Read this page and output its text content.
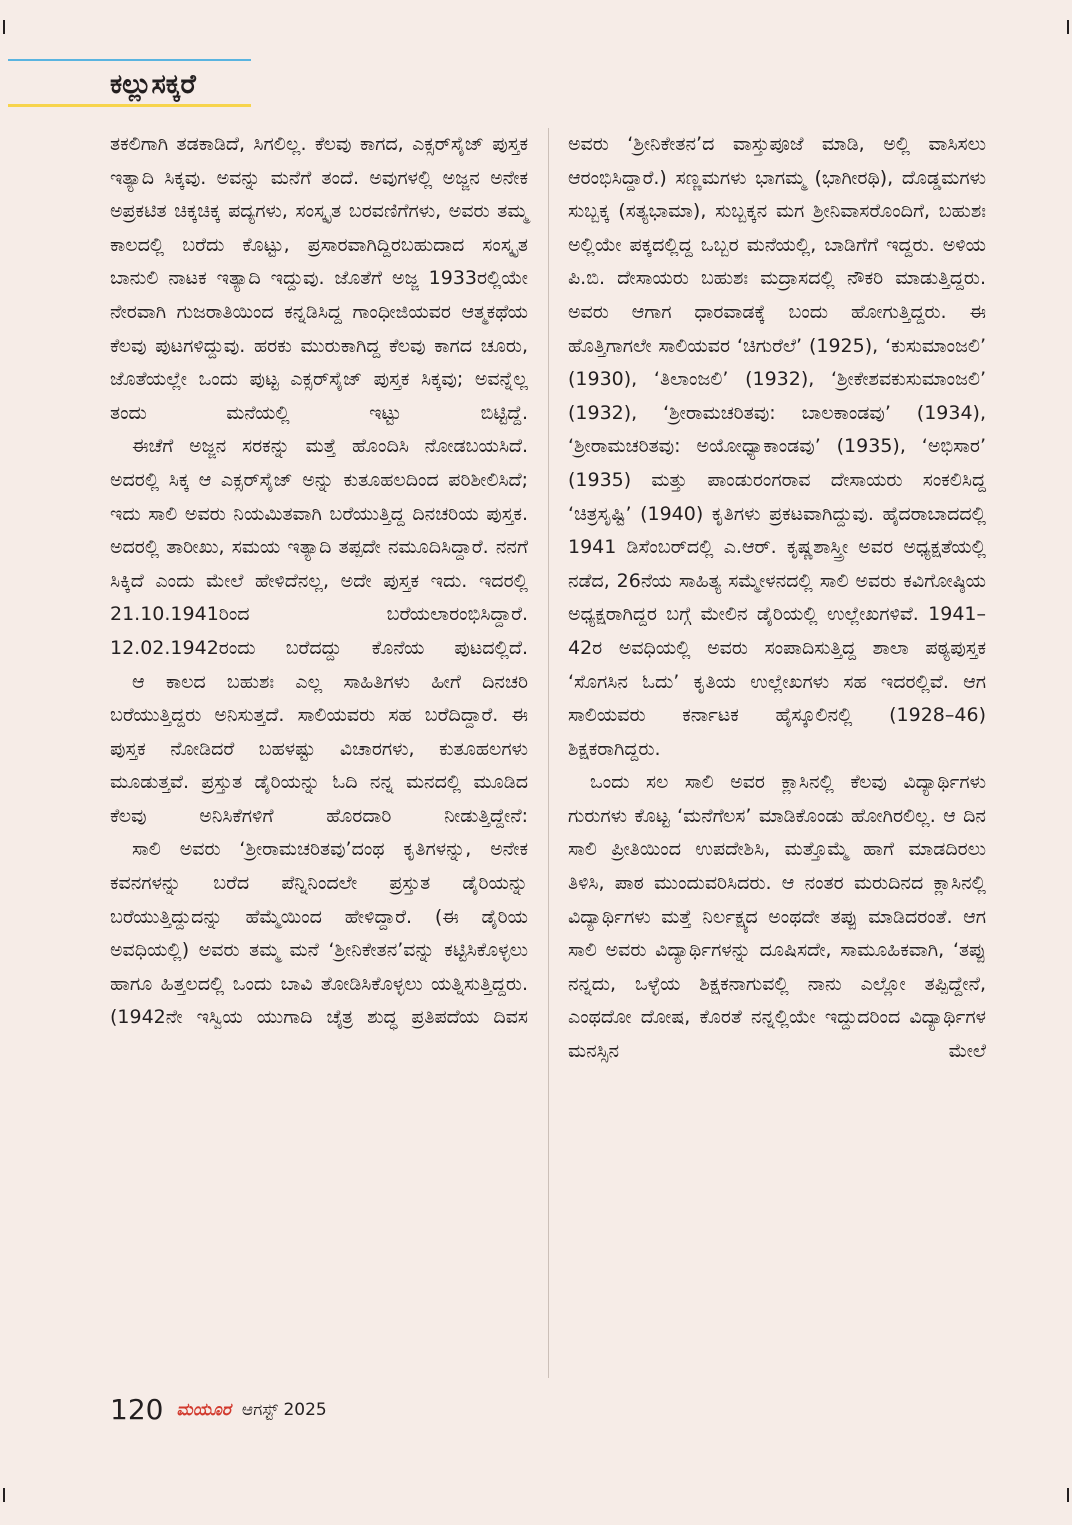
ಕಲ್ಲುಸಕ್ಕರೆ

ತಕಲಿಗಾಗಿ ತಡಕಾಡಿದೆ, ಸಿಗಲಿಲ್ಲ. ಕೆಲವು ಕಾಗದ, ಎಕ್ಸರ್‌ಸೈಜ್ ಪುಸ್ತಕ ಇತ್ಯಾದಿ ಸಿಕ್ಕವು. ಅವನ್ನು ಮನೆಗೆ ತಂದೆ. ಅವುಗಳಲ್ಲಿ ಅಜ್ಜನ ಅನೇಕ ಅಪ್ರಕಟಿತ ಚಿಕ್ಕಚಿಕ್ಕ ಪದ್ಯಗಳು, ಸಂಸ್ಕೃತ ಬರವಣಿಗೆಗಳು, ಅವರು ತಮ್ಮ ಕಾಲದಲ್ಲಿ ಬರೆದು ಕೊಟ್ಟು, ಪ್ರಸಾರವಾಗಿದ್ದಿರಬಹುದಾದ ಸಂಸ್ಕೃತ ಬಾನುಲಿ ನಾಟಕ ಇತ್ಯಾದಿ ಇದ್ದುವು. ಜೊತೆಗೆ ಅಜ್ಜ 1933ರಲ್ಲಿಯೇ ನೇರವಾಗಿ ಗುಜರಾತಿಯಿಂದ ಕನ್ನಡಿಸಿದ್ದ ಗಾಂಧೀಜಿಯವರ ಆತ್ಮಕಥೆಯ ಕೆಲವು ಪುಟಗಳಿದ್ದುವು. ಹರಕು ಮುರುಕಾಗಿದ್ದ ಕೆಲವು ಕಾಗದ ಚೂರು, ಜೊತೆಯಲ್ಲೇ ಒಂದು ಪುಟ್ಟ ಎಕ್ಸರ್‌ಸೈಜ್ ಪುಸ್ತಕ ಸಿಕ್ಕವು; ಅವನ್ನೆಲ್ಲ ತಂದು ಮನೆಯಲ್ಲಿ ಇಟ್ಟು ಬಿಟ್ಟಿದ್ದೆ.

ಈಚೆಗೆ ಅಜ್ಜನ ಸರಕನ್ನು ಮತ್ತೆ ಹೊಂದಿಸಿ ನೋಡಬಯಸಿದೆ. ಅದರಲ್ಲಿ ಸಿಕ್ಕ ಆ ಎಕ್ಸರ್‌ಸೈಜ್ ಅನ್ನು ಕುತೂಹಲದಿಂದ ಪರಿಶೀಲಿಸಿದೆ; ಇದು ಸಾಲಿ ಅವರು ನಿಯಮಿತವಾಗಿ ಬರೆಯುತ್ತಿದ್ದ ದಿನಚರಿಯ ಪುಸ್ತಕ. ಅದರಲ್ಲಿ ತಾರೀಖು, ಸಮಯ ಇತ್ಯಾದಿ ತಪ್ಪದೇ ನಮೂದಿಸಿದ್ದಾರೆ. ನನಗೆ ಸಿಕ್ಕಿದೆ ಎಂದು ಮೇಲೆ ಹೇಳಿದೆನಲ್ಲ, ಅದೇ ಪುಸ್ತಕ ಇದು. ಇದರಲ್ಲಿ 21.10.1941ರಿಂದ ಬರೆಯಲಾರಂಭಿಸಿದ್ದಾರೆ. 12.02.1942ರಂದು ಬರೆದದ್ದು ಕೊನೆಯ ಪುಟದಲ್ಲಿದೆ.

ಆ ಕಾಲದ ಬಹುಶಃ ಎಲ್ಲ ಸಾಹಿತಿಗಳು ಹೀಗೆ ದಿನಚರಿ ಬರೆಯುತ್ತಿದ್ದರು ಅನಿಸುತ್ತದೆ. ಸಾಲಿಯವರು ಸಹ ಬರೆದಿದ್ದಾರೆ. ಈ ಪುಸ್ತಕ ನೋಡಿದರೆ ಬಹಳಷ್ಟು ವಿಚಾರಗಳು, ಕುತೂಹಲಗಳು ಮೂಡುತ್ತವೆ. ಪ್ರಸ್ತುತ ಡೈರಿಯನ್ನು ಓದಿ ನನ್ನ ಮನದಲ್ಲಿ ಮೂಡಿದ ಕೆಲವು ಅನಿಸಿಕೆಗಳಿಗೆ ಹೊರದಾರಿ ನೀಡುತ್ತಿದ್ದೇನೆ:

ಸಾಲಿ ಅವರು ‘ಶ್ರೀರಾಮಚರಿತವು’ದಂಥ ಕೃತಿಗಳನ್ನು, ಅನೇಕ ಕವನಗಳನ್ನು ಬರೆದ ಪೆನ್ನಿನಿಂದಲೇ ಪ್ರಸ್ತುತ ಡೈರಿಯನ್ನು ಬರೆಯುತ್ತಿದ್ದುದನ್ನು ಹೆಮ್ಮೆಯಿಂದ ಹೇಳಿದ್ದಾರೆ. (ಈ ಡೈರಿಯ ಅವಧಿಯಲ್ಲಿ) ಅವರು ತಮ್ಮ ಮನೆ ‘ಶ್ರೀನಿಕೇತನ’ವನ್ನು ಕಟ್ಟಿಸಿಕೊಳ್ಳಲು ಹಾಗೂ ಹಿತ್ತಲದಲ್ಲಿ ಒಂದು ಬಾವಿ ತೋಡಿಸಿಕೊಳ್ಳಲು ಯತ್ನಿಸುತ್ತಿದ್ದರು. (1942ನೇ ಇಸ್ವಿಯ ಯುಗಾದಿ ಚೈತ್ರ ಶುದ್ಧ ಪ್ರತಿಪದೆಯ ದಿವಸ

ಅವರು ‘ಶ್ರೀನಿಕೇತನ’ದ ವಾಸ್ತುಪೂಜೆ ಮಾಡಿ, ಅಲ್ಲಿ ವಾಸಿಸಲು ಆರಂಭಿಸಿದ್ದಾರೆ.) ಸಣ್ಣಮಗಳು ಭಾಗಮ್ಮ (ಭಾಗೀರಥಿ), ದೊಡ್ಡಮಗಳು ಸುಬ್ಬಕ್ಕ (ಸತ್ಯಭಾಮಾ), ಸುಬ್ಬಕ್ಕನ ಮಗ ಶ್ರೀನಿವಾಸರೊಂದಿಗೆ, ಬಹುಶಃ ಅಲ್ಲಿಯೇ ಪಕ್ಕದಲ್ಲಿದ್ದ ಒಬ್ಬರ ಮನೆಯಲ್ಲಿ, ಬಾಡಿಗೆಗೆ ಇದ್ದರು. ಅಳಿಯ ಪಿ.ಬಿ. ದೇಸಾಯರು ಬಹುಶಃ ಮದ್ರಾಸದಲ್ಲಿ ನೌಕರಿ ಮಾಡುತ್ತಿದ್ದರು. ಅವರು ಆಗಾಗ ಧಾರವಾಡಕ್ಕೆ ಬಂದು ಹೋಗುತ್ತಿದ್ದರು. ಈ ಹೊತ್ತಿಗಾಗಲೇ ಸಾಲಿಯವರ ‘ಚಿಗುರೆಲೆ’ (1925), ‘ಕುಸುಮಾಂಜಲಿ’ (1930), ‘ತಿಲಾಂಜಲಿ’ (1932), ‘ಶ್ರೀಕೇಶವಕುಸುಮಾಂಜಲಿ’ (1932), ‘ಶ್ರೀರಾಮಚರಿತವು: ಬಾಲಕಾಂಡವು’ (1934), ‘ಶ್ರೀರಾಮಚರಿತವು: ಅಯೋಧ್ಯಾಕಾಂಡವು’ (1935), ‘ಅಭಿಸಾರ’ (1935) ಮತ್ತು ಪಾಂಡುರಂಗರಾವ ದೇಸಾಯರು ಸಂಕಲಿಸಿದ್ದ ‘ಚಿತ್ರಸೃಷ್ಟಿ’ (1940) ಕೃತಿಗಳು ಪ್ರಕಟವಾಗಿದ್ದುವು. ಹೈದರಾಬಾದದಲ್ಲಿ 1941 ಡಿಸೆಂಬರ್‌ದಲ್ಲಿ ಎ.ಆರ್. ಕೃಷ್ಣಶಾಸ್ತ್ರೀ ಅವರ ಅಧ್ಯಕ್ಷತೆಯಲ್ಲಿ ನಡೆದ, 26ನೆಯ ಸಾಹಿತ್ಯ ಸಮ್ಮೇಳನದಲ್ಲಿ ಸಾಲಿ ಅವರು ಕವಿಗೋಷ್ಠಿಯ ಅಧ್ಯಕ್ಷರಾಗಿದ್ದರ ಬಗ್ಗೆ ಮೇಲಿನ ಡೈರಿಯಲ್ಲಿ ಉಲ್ಲೇಖಗಳಿವೆ. 1941–42ರ ಅವಧಿಯಲ್ಲಿ ಅವರು ಸಂಪಾದಿಸುತ್ತಿದ್ದ ಶಾಲಾ ಪಠ್ಯಪುಸ್ತಕ ‘ಸೊಗಸಿನ ಓದು’ ಕೃತಿಯ ಉಲ್ಲೇಖಗಳು ಸಹ ಇದರಲ್ಲಿವೆ. ಆಗ ಸಾಲಿಯವರು ಕರ್ನಾಟಕ ಹೈಸ್ಕೂಲಿನಲ್ಲಿ (1928–46) ಶಿಕ್ಷಕರಾಗಿದ್ದರು.

ಒಂದು ಸಲ ಸಾಲಿ ಅವರ ಕ್ಲಾಸಿನಲ್ಲಿ ಕೆಲವು ವಿದ್ಯಾರ್ಥಿಗಳು ಗುರುಗಳು ಕೊಟ್ಟ ‘ಮನೆಗೆಲಸ’ ಮಾಡಿಕೊಂಡು ಹೋಗಿರಲಿಲ್ಲ. ಆ ದಿನ ಸಾಲಿ ಪ್ರೀತಿಯಿಂದ ಉಪದೇಶಿಸಿ, ಮತ್ತೊಮ್ಮೆ ಹಾಗೆ ಮಾಡದಿರಲು ತಿಳಿಸಿ, ಪಾಠ ಮುಂದುವರಿಸಿದರು. ಆ ನಂತರ ಮರುದಿನದ ಕ್ಲಾಸಿನಲ್ಲಿ ವಿದ್ಯಾರ್ಥಿಗಳು ಮತ್ತೆ ನಿರ್ಲಕ್ಷ್ಯದ ಅಂಥದೇ ತಪ್ಪು ಮಾಡಿದರಂತೆ. ಆಗ ಸಾಲಿ ಅವರು ವಿದ್ಯಾರ್ಥಿಗಳನ್ನು ದೂಷಿಸದೇ, ಸಾಮೂಹಿಕವಾಗಿ, ‘ತಪ್ಪು ನನ್ನದು, ಒಳ್ಳೆಯ ಶಿಕ್ಷಕನಾಗುವಲ್ಲಿ ನಾನು ಎಲ್ಲೋ ತಪ್ಪಿದ್ದೇನೆ, ಎಂಥದೋ ದೋಷ, ಕೊರತೆ ನನ್ನಲ್ಲಿಯೇ ಇದ್ದುದರಿಂದ ವಿದ್ಯಾರ್ಥಿಗಳ ಮನಸ್ಸಿನ ಮೇಲೆ

120 ಮಯೂರ ಆಗಸ್ಟ್ 2025
